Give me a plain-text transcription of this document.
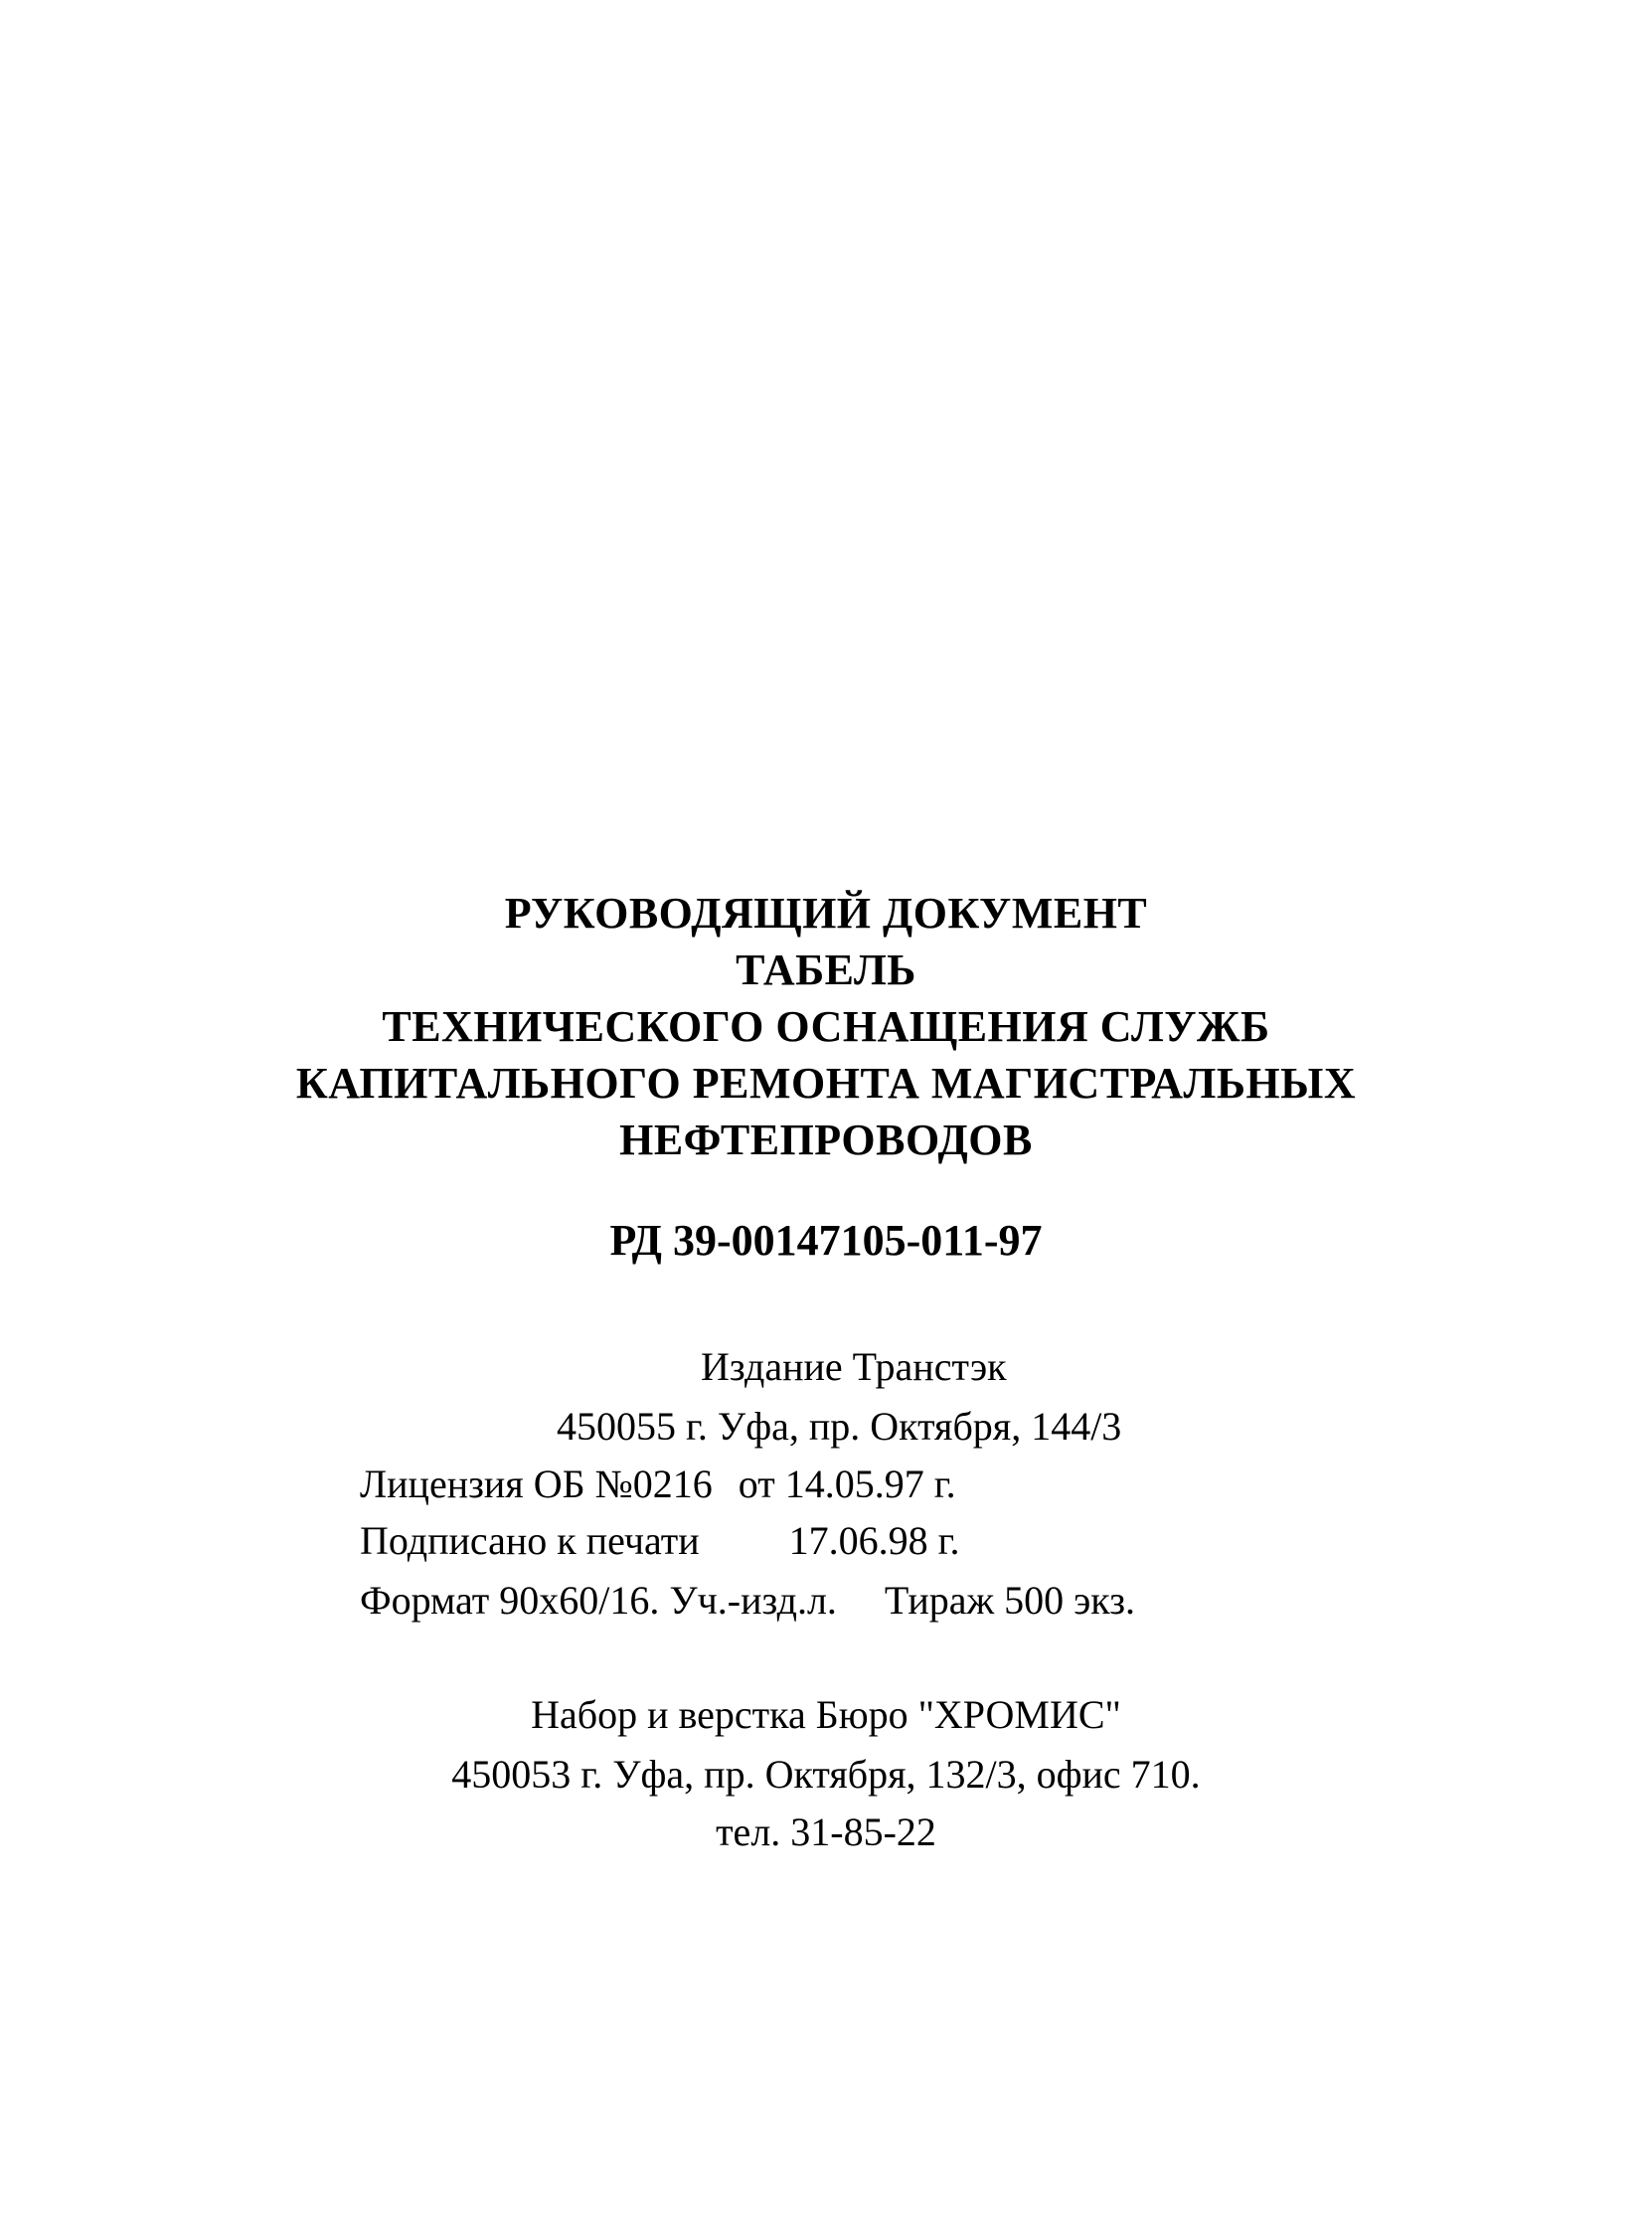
РУКОВОДЯЩИЙ ДОКУМЕНТ
ТАБЕЛЬ
ТЕХНИЧЕСКОГО ОСНАЩЕНИЯ СЛУЖБ
КАПИТАЛЬНОГО РЕМОНТА МАГИСТРАЛЬНЫХ
НЕФТЕПРОВОДОВ
РД 39-00147105-011-97
Издание Транстэк
450055 г. Уфа, пр. Октября, 144/3
Лицензия ОБ №0216 от 14.05.97 г.
Подписано к печати 17.06.98 г.
Формат 90х60/16. Уч.-изд.л. Тираж 500 экз.
Набор и верстка Бюро "ХРОМИС"
450053 г. Уфа, пр. Октября, 132/3, офис 710.
тел. 31-85-22
